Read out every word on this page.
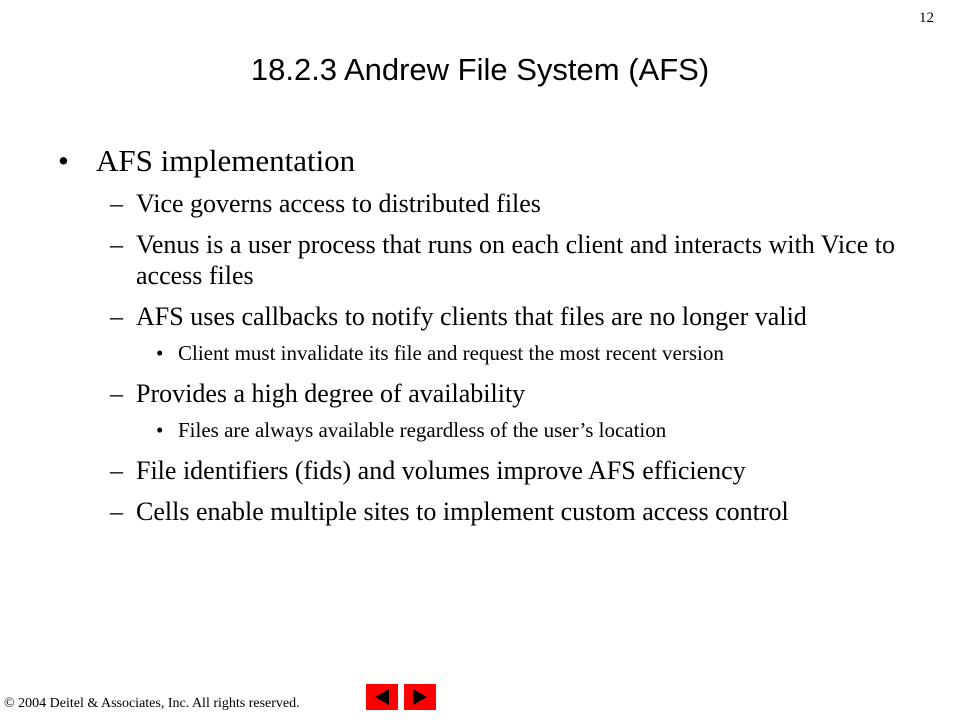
12
18.2.3 Andrew File System (AFS)
• AFS implementation
– Vice governs access to distributed files
– Venus is a user process that runs on each client and interacts with Vice to access files
– AFS uses callbacks to notify clients that files are no longer valid
• Client must invalidate its file and request the most recent version
– Provides a high degree of availability
• Files are always available regardless of the user’s location
– File identifiers (fids) and volumes improve AFS efficiency
– Cells enable multiple sites to implement custom access control
© 2004 Deitel & Associates, Inc. All rights reserved.
